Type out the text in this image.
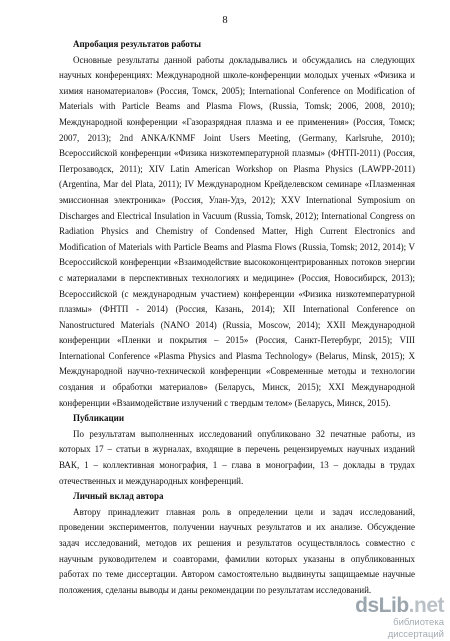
8
Апробация результатов работы

Основные результаты данной работы докладывались и обсуждались на следующих научных конференциях: Международной школе-конференции молодых ученых «Физика и химия наноматериалов» (Россия, Томск, 2005); International Conference on Modification of Materials with Particle Beams and Plasma Flows, (Russia, Tomsk; 2006, 2008, 2010); Международной конференции «Газоразрядная плазма и ее применения» (Россия, Томск; 2007, 2013); 2nd ANKA/KNMF Joint Users Meeting, (Germany, Karlsruhe, 2010); Всероссийской конференции «Физика низкотемпературной плазмы» (ФНТП-2011) (Россия, Петрозаводск, 2011); XIV Latin American Workshop on Plasma Physics (LAWPP-2011) (Argentina, Mar del Plata, 2011); IV Международном Крейделевском семинаре «Плазменная эмиссионная электроника» (Россия, Улан-Удэ, 2012); XXV International Symposium on Discharges and Electrical Insulation in Vacuum (Russia, Tomsk, 2012); International Congress on Radiation Physics and Chemistry of Condensed Matter, High Current Electronics and Modification of Materials with Particle Beams and Plasma Flows (Russia, Tomsk; 2012, 2014); V Всероссийской конференции «Взаимодействие высококонцентрированных потоков энергии с материалами в перспективных технологиях и медицине» (Россия, Новосибирск, 2013); Всероссийской (с международным участием) конференции «Физика низкотемпературной плазмы» (ФНТП - 2014) (Россия, Казань, 2014); XII International Conference on Nanostructured Materials (NANO 2014) (Russia, Moscow, 2014); XXII Международной конференции «Пленки и покрытия – 2015» (Россия, Санкт-Петербург, 2015); VIII International Conference «Plasma Physics and Plasma Technology» (Belarus, Minsk, 2015); X Международной научно-технической конференции «Современные методы и технологии создания и обработки материалов» (Беларусь, Минск, 2015); XXI Международной конференции «Взаимодействие излучений с твердым телом» (Беларусь, Минск, 2015).

Публикации

По результатам выполненных исследований опубликовано 32 печатные работы, из которых 17 – статьи в журналах, входящие в перечень рецензируемых научных изданий ВАК, 1 – коллективная монография, 1 – глава в монографии, 13 – доклады в трудах отечественных и международных конференций.

Личный вклад автора

Автору принадлежит главная роль в определении цели и задач исследований, проведении экспериментов, получении научных результатов и их анализе. Обсуждение задач исследований, методов их решения и результатов осуществлялось совместно с научным руководителем и соавторами, фамилии которых указаны в опубликованных работах по теме диссертации. Автором самостоятельно выдвинуты защищаемые научные положения, сделаны выводы и даны рекомендации по результатам исследований.

dsLib.net
библиотека диссертаций
